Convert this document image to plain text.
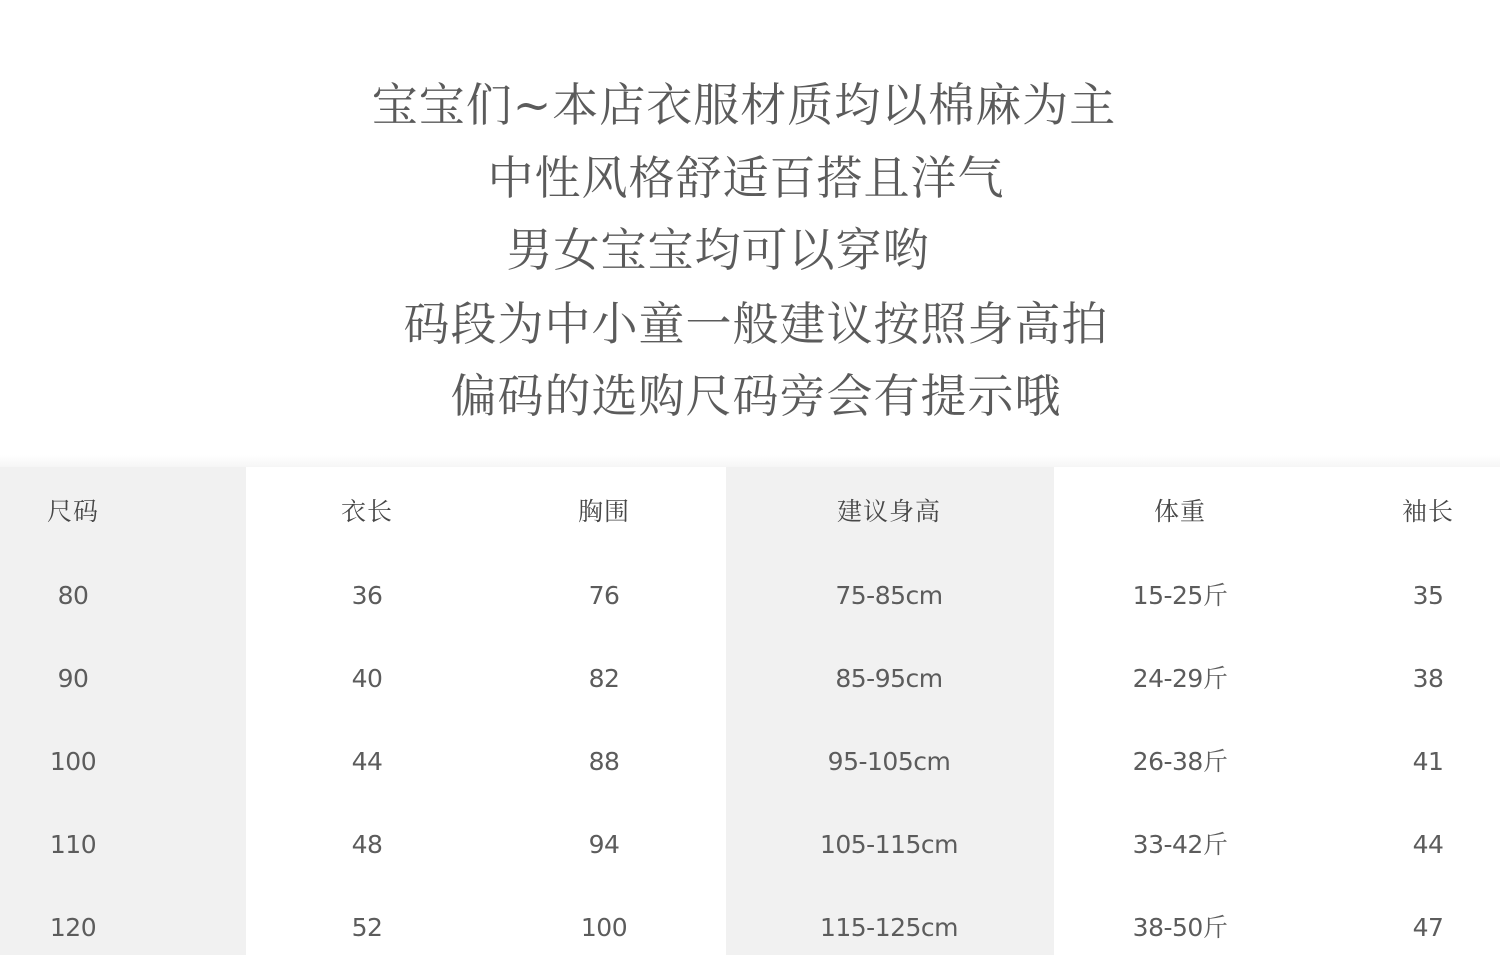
宝宝们~本店衣服材质均以棉麻为主
中性风格舒适百搭且洋气
男女宝宝均可以穿哟
码段为中小童一般建议按照身高拍
偏码的选购尺码旁会有提示哦
尺码	衣长	胸围	建议身高	体重	袖长
80	36	76	75-85cm	15-25斤	35
90	40	82	85-95cm	24-29斤	38
100	44	88	95-105cm	26-38斤	41
110	48	94	105-115cm	33-42斤	44
120	52	100	115-125cm	38-50斤	47
